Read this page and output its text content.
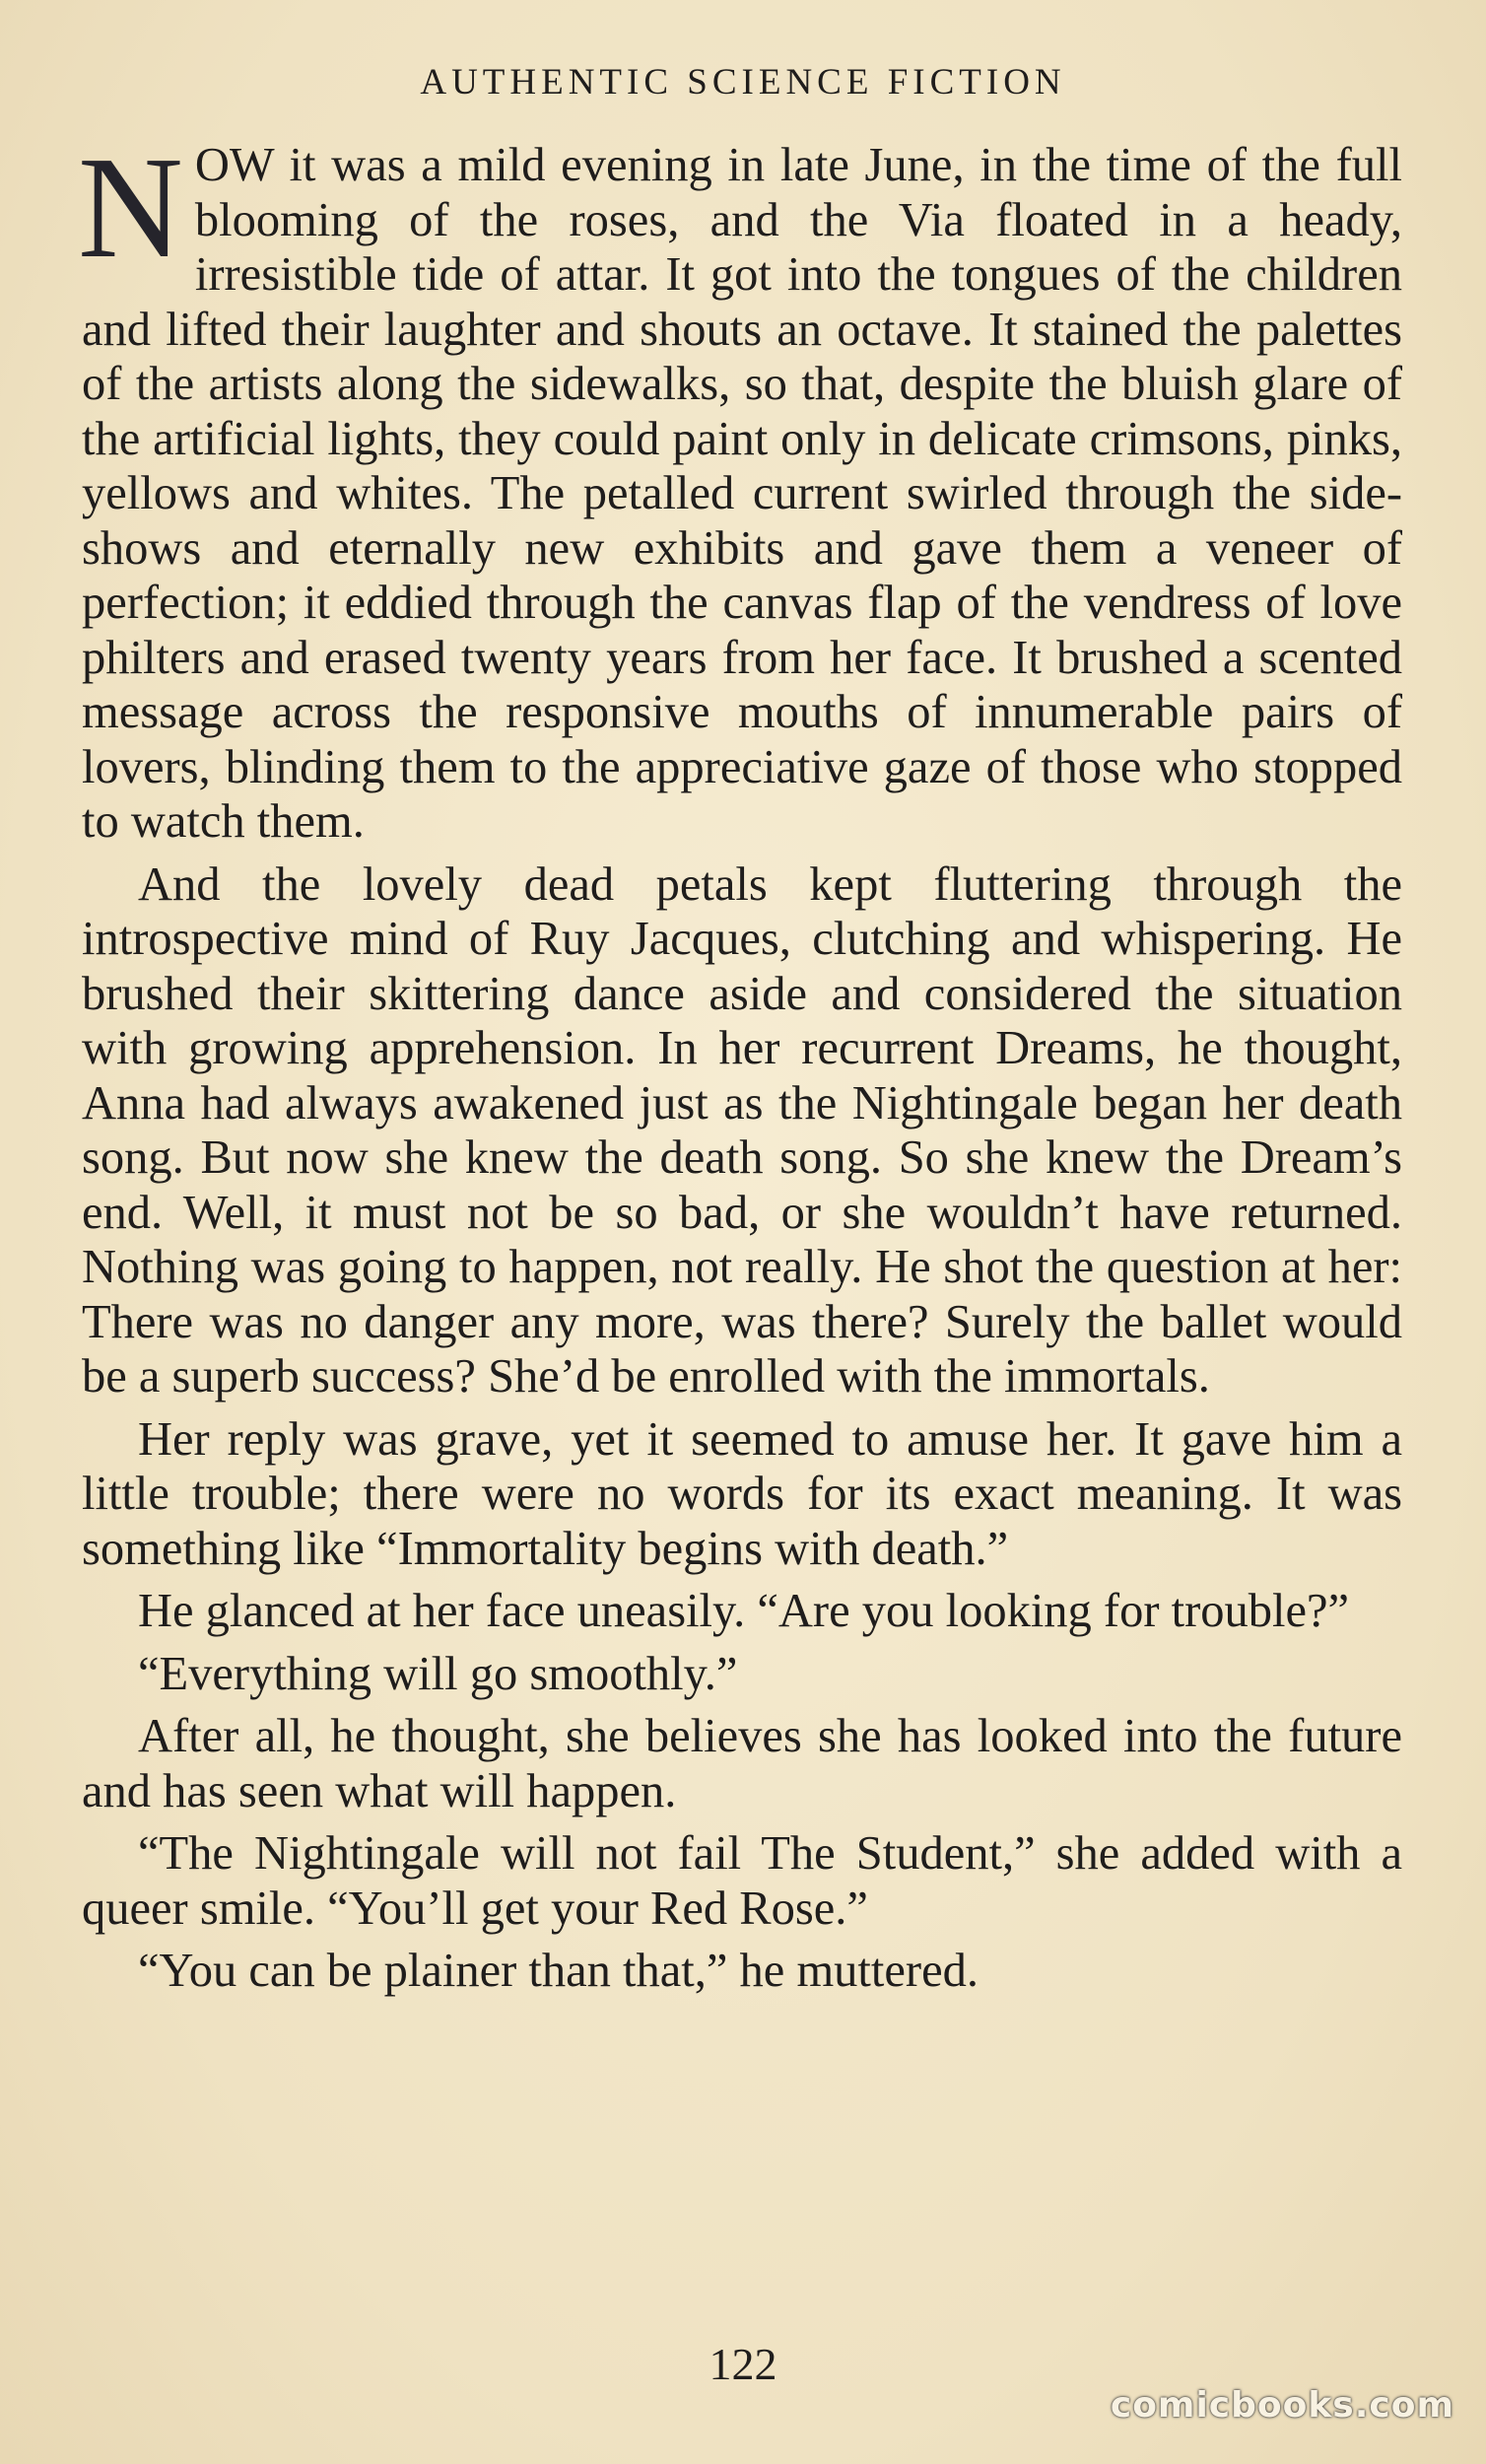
AUTHENTIC SCIENCE FICTION

NOW it was a mild evening in late June, in the time of the full blooming of the roses, and the Via floated in a heady, irresistible tide of attar. It got into the tongues of the children and lifted their laughter and shouts an octave. It stained the palettes of the artists along the sidewalks, so that, despite the bluish glare of the artificial lights, they could paint only in delicate crimsons, pinks, yellows and whites. The petalled current swirled through the side-shows and eternally new exhibits and gave them a veneer of perfection; it eddied through the canvas flap of the vendress of love philters and erased twenty years from her face. It brushed a scented message across the responsive mouths of innumerable pairs of lovers, blinding them to the appreciative gaze of those who stopped to watch them.

And the lovely dead petals kept fluttering through the introspective mind of Ruy Jacques, clutching and whispering. He brushed their skittering dance aside and considered the situation with growing apprehension. In her recurrent Dreams, he thought, Anna had always awakened just as the Nightingale began her death song. But now she knew the death song. So she knew the Dream’s end. Well, it must not be so bad, or she wouldn’t have returned. Nothing was going to happen, not really. He shot the question at her: There was no danger any more, was there? Surely the ballet would be a superb success? She’d be enrolled with the immortals.

Her reply was grave, yet it seemed to amuse her. It gave him a little trouble; there were no words for its exact meaning. It was something like “Immortality begins with death.”

He glanced at her face uneasily. “Are you looking for trouble?”

“Everything will go smoothly.”

After all, he thought, she believes she has looked into the future and has seen what will happen.

“The Nightingale will not fail The Student,” she added with a queer smile. “You’ll get your Red Rose.”

“You can be plainer than that,” he muttered.

122
comicbooks.com
